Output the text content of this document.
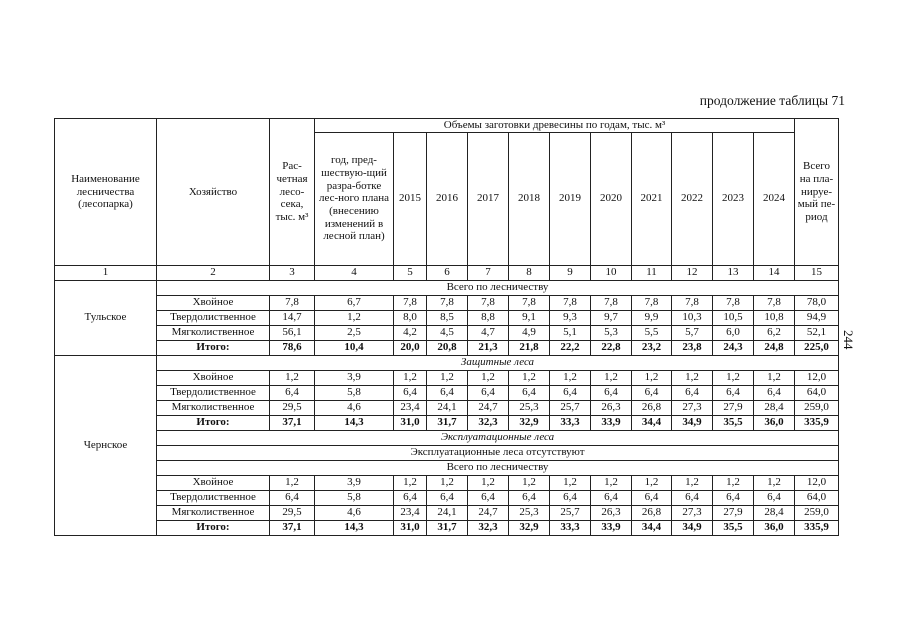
продолжение таблицы 71
244
Наименование лесничества (лесопарка)	Хозяйство	Рас-четная лесо-сека, тыс. м³	Объемы заготовки древесины по годам, тыс. м³											Всего на пла-нируе-мый пе-риод
			год, пред-шествую-щий разра-ботке лес-ного плана (внесению изменений в лесной план)	2015	2016	2017	2018	2019	2020	2021	2022	2023	2024	
1	2	3	4	5	6	7	8	9	10	11	12	13	14	15
Тульское	Всего по лесничеству													
	Хвойное	7,8	6,7	7,8	7,8	7,8	7,8	7,8	7,8	7,8	7,8	7,8	7,8	78,0
	Твердолиственное	14,7	1,2	8,0	8,5	8,8	9,1	9,3	9,7	9,9	10,3	10,5	10,8	94,9
	Мягколиственное	56,1	2,5	4,2	4,5	4,7	4,9	5,1	5,3	5,5	5,7	6,0	6,2	52,1
	Итого:	78,6	10,4	20,0	20,8	21,3	21,8	22,2	22,8	23,2	23,8	24,3	24,8	225,0
Чернское	Защитные леса													
	Хвойное	1,2	3,9	1,2	1,2	1,2	1,2	1,2	1,2	1,2	1,2	1,2	1,2	12,0
	Твердолиственное	6,4	5,8	6,4	6,4	6,4	6,4	6,4	6,4	6,4	6,4	6,4	6,4	64,0
	Мягколиственное	29,5	4,6	23,4	24,1	24,7	25,3	25,7	26,3	26,8	27,3	27,9	28,4	259,0
	Итого:	37,1	14,3	31,0	31,7	32,3	32,9	33,3	33,9	34,4	34,9	35,5	36,0	335,9
	Эксплуатационные леса													
	Эксплуатационные леса отсутствуют													
	Всего по лесничеству													
	Хвойное	1,2	3,9	1,2	1,2	1,2	1,2	1,2	1,2	1,2	1,2	1,2	1,2	12,0
	Твердолиственное	6,4	5,8	6,4	6,4	6,4	6,4	6,4	6,4	6,4	6,4	6,4	6,4	64,0
	Мягколиственное	29,5	4,6	23,4	24,1	24,7	25,3	25,7	26,3	26,8	27,3	27,9	28,4	259,0
	Итого:	37,1	14,3	31,0	31,7	32,3	32,9	33,3	33,9	34,4	34,9	35,5	36,0	335,9
